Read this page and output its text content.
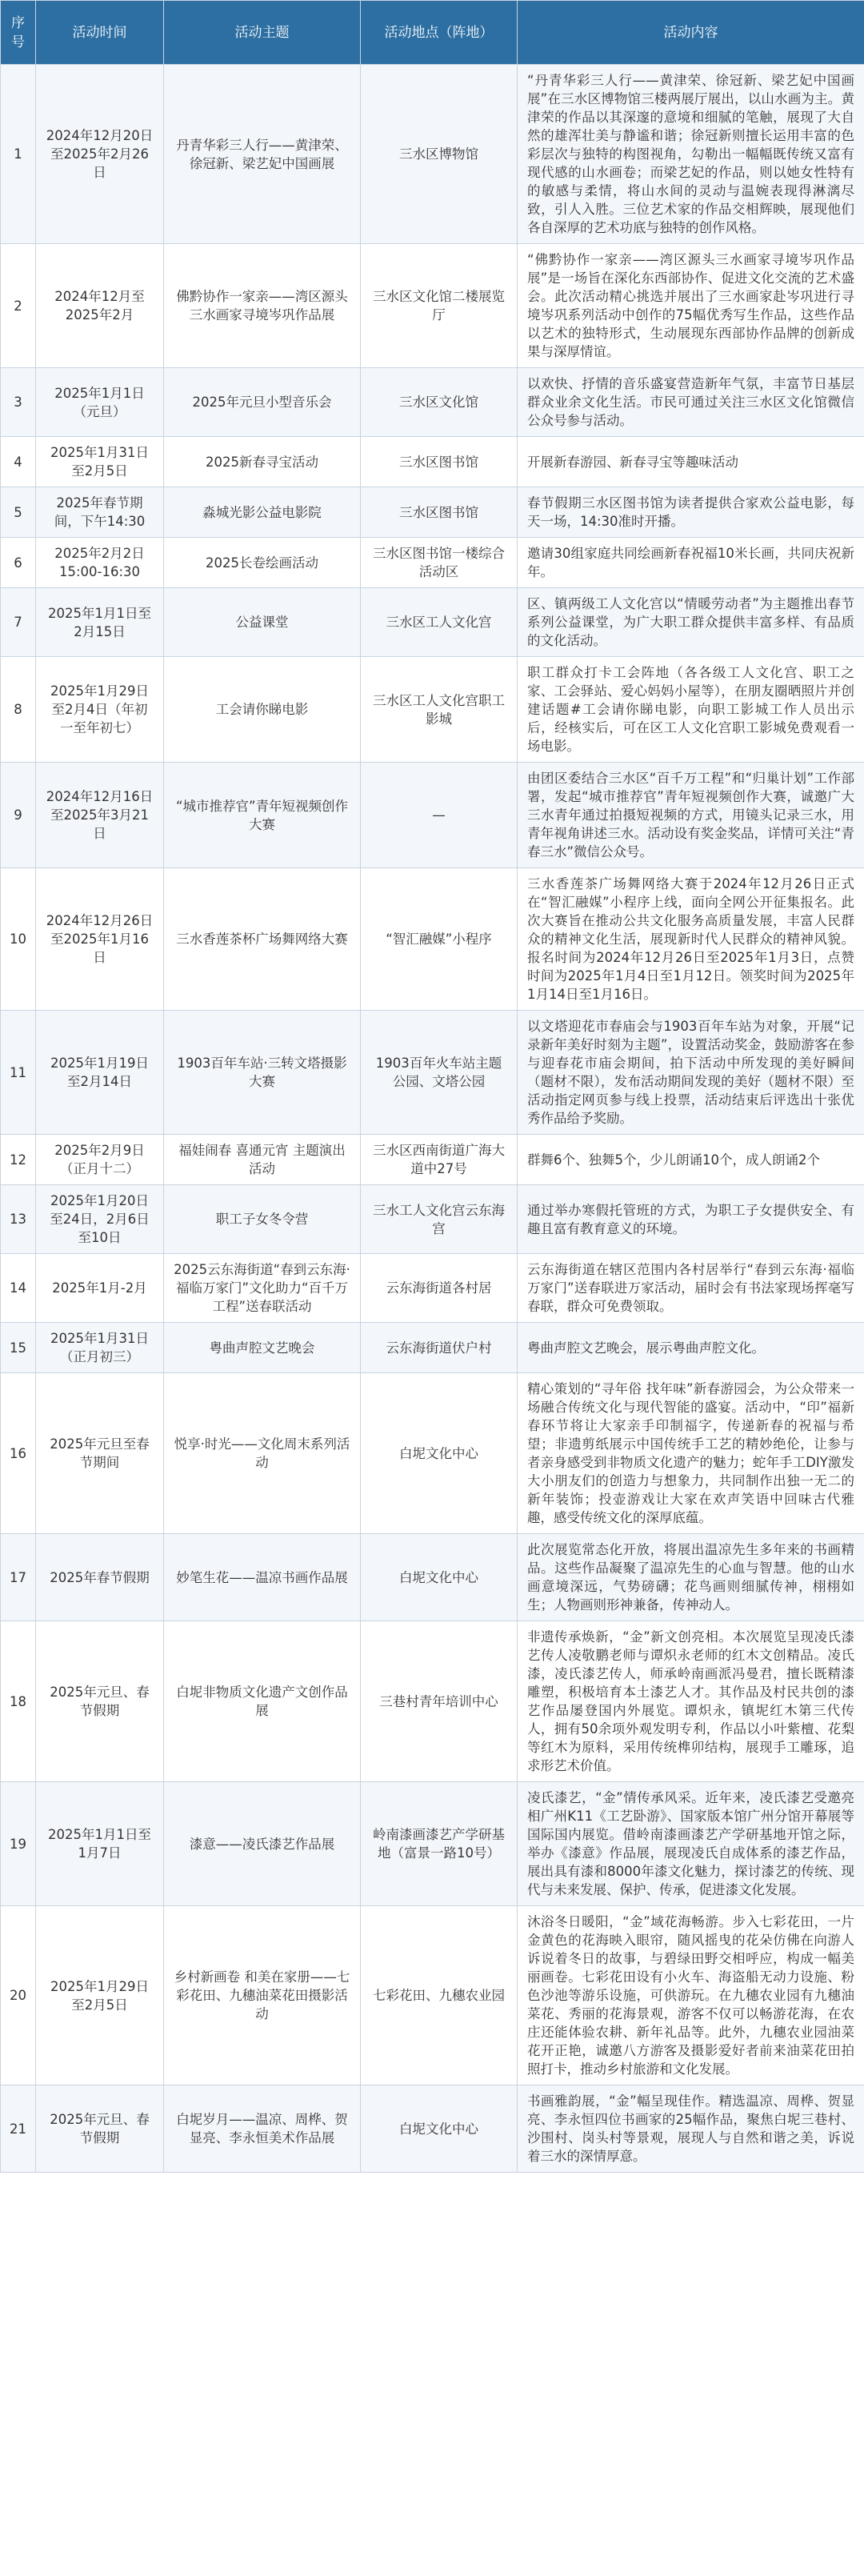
序号	活动时间	活动主题	活动地点（阵地）	活动内容
1	2024年12月20日至2025年2月26日	丹青华彩三人行——黄津荣、徐冠新、梁艺妃中国画展	三水区博物馆	“丹青华彩三人行——黄津荣、徐冠新、梁艺妃中国画展”在三水区博物馆三楼两展厅展出，以山水画为主。黄津荣的作品以其深邃的意境和细腻的笔触，展现了大自然的雄浑壮美与静谧和谐；徐冠新则擅长运用丰富的色彩层次与独特的构图视角，勾勒出一幅幅既传统又富有现代感的山水画卷；而梁艺妃的作品，则以她女性特有的敏感与柔情，将山水间的灵动与温婉表现得淋漓尽致，引人入胜。三位艺术家的作品交相辉映，展现他们各自深厚的艺术功底与独特的创作风格。
2	2024年12月至2025年2月	佛黔协作一家亲——湾区源头三水画家寻境岑巩作品展	三水区文化馆二楼展览厅	“佛黔协作一家亲——湾区源头三水画家寻境岑巩作品展”是一场旨在深化东西部协作、促进文化交流的艺术盛会。此次活动精心挑选并展出了三水画家赴岑巩进行寻境岑巩系列活动中创作的75幅优秀写生作品，这些作品以艺术的独特形式，生动展现东西部协作品牌的创新成果与深厚情谊。
3	2025年1月1日（元旦）	2025年元旦小型音乐会	三水区文化馆	以欢快、抒情的音乐盛宴营造新年气氛，丰富节日基层群众业余文化生活。市民可通过关注三水区文化馆微信公众号参与活动。
4	2025年1月31日至2月5日	2025新春寻宝活动	三水区图书馆	开展新春游园、新春寻宝等趣味活动
5	2025年春节期间，下午14:30	淼城光影公益电影院	三水区图书馆	春节假期三水区图书馆为读者提供合家欢公益电影，每天一场，14:30准时开播。
6	2025年2月2日15:00-16:30	2025长卷绘画活动	三水区图书馆一楼综合活动区	邀请30组家庭共同绘画新春祝福10米长画，共同庆祝新年。
7	2025年1月1日至2月15日	公益课堂	三水区工人文化宫	区、镇两级工人文化宫以“情暖劳动者”为主题推出春节系列公益课堂，为广大职工群众提供丰富多样、有品质的文化活动。
8	2025年1月29日至2月4日（年初一至年初七）	工会请你睇电影	三水区工人文化宫职工影城	职工群众打卡工会阵地（各各级工人文化宫、职工之家、工会驿站、爱心妈妈小屋等），在朋友圈晒照片并创建话题#工会请你睇电影，向职工影城工作人员出示后，经核实后，可在区工人文化宫职工影城免费观看一场电影。
9	2024年12月16日至2025年3月21日	“城市推荐官”青年短视频创作大赛	—	由团区委结合三水区“百千万工程”和“归巢计划”工作部署，发起“城市推荐官”青年短视频创作大赛，诚邀广大三水青年通过拍摄短视频的方式，用镜头记录三水，用青年视角讲述三水。活动设有奖金奖品，详情可关注“青春三水”微信公众号。
10	2024年12月26日至2025年1月16日	三水香莲茶杯广场舞网络大赛	“智汇融媒”小程序	三水香莲茶广场舞网络大赛于2024年12月26日正式在“智汇融媒”小程序上线，面向全网公开征集报名。此次大赛旨在推动公共文化服务高质量发展，丰富人民群众的精神文化生活，展现新时代人民群众的精神风貌。报名时间为2024年12月26日至2025年1月3日，点赞时间为2025年1月4日至1月12日。领奖时间为2025年1月14日至1月16日。
11	2025年1月19日至2月14日	1903百年车站·三转文塔摄影大赛	1903百年火车站主题公园、文塔公园	以文塔迎花市春庙会与1903百年车站为对象，开展“记录新年美好时刻为主题”，设置活动奖金，鼓励游客在参与迎春花市庙会期间，拍下活动中所发现的美好瞬间（题材不限），发布活动期间发现的美好（题材不限）至活动指定网页参与线上投票，活动结束后评选出十张优秀作品给予奖励。
12	2025年2月9日（正月十二）	福娃闹春 喜通元宵 主题演出活动	三水区西南街道广海大道中27号	群舞6个、独舞5个，少儿朗诵10个，成人朗诵2个
13	2025年1月20日至24日，2月6日至10日	职工子女冬令营	三水工人文化宫云东海宫	通过举办寒假托管班的方式，为职工子女提供安全、有趣且富有教育意义的环境。
14	2025年1月-2月	2025云东海街道“春到云东海·福临万家门”文化助力“百千万工程”送春联活动	云东海街道各村居	云东海街道在辖区范围内各村居举行“春到云东海·福临万家门”送春联进万家活动，届时会有书法家现场挥毫写春联，群众可免费领取。
15	2025年1月31日（正月初三）	粤曲声腔文艺晚会	云东海街道伏户村	粤曲声腔文艺晚会，展示粤曲声腔文化。
16	2025年元旦至春节期间	悦享·时光——文化周末系列活动	白坭文化中心	精心策划的“寻年俗 找年味”新春游园会，为公众带来一场融合传统文化与现代智能的盛宴。活动中，“印”福新春环节将让大家亲手印制福字，传递新春的祝福与希望；非遗剪纸展示中国传统手工艺的精妙绝伦，让参与者亲身感受到非物质文化遗产的魅力；蛇年手工DIY激发大小朋友们的创造力与想象力，共同制作出独一无二的新年装饰；投壶游戏让大家在欢声笑语中回味古代雅趣，感受传统文化的深厚底蕴。
17	2025年春节假期	妙笔生花——温凉书画作品展	白坭文化中心	此次展览常态化开放，将展出温凉先生多年来的书画精品。这些作品凝聚了温凉先生的心血与智慧。他的山水画意境深远，气势磅礴；花鸟画则细腻传神，栩栩如生；人物画则形神兼备，传神动人。
18	2025年元旦、春节假期	白坭非物质文化遗产文创作品展	三巷村青年培训中心	非遗传承焕新，“金”新文创亮相。本次展览呈现凌氏漆艺传人凌敬鹏老师与谭炽永老师的红木文创精品。凌氏漆，凌氏漆艺传人，师承岭南画派冯曼君，擅长既精漆雕塑，积极培育本土漆艺人才。其作品及村民共创的漆艺作品屡登国内外展览。谭炽永，镇坭红木第三代传人，拥有50余项外观发明专利，作品以小叶紫檀、花梨等红木为原料，采用传统榫卯结构，展现手工雕琢，追求形艺术价值。
19	2025年1月1日至1月7日	漆意——凌氏漆艺作品展	岭南漆画漆艺产学研基地（富景一路10号）	凌氏漆艺，“金”情传承风采。近年来，凌氏漆艺受邀亮相广州K11《工艺卧游》、国家版本馆广州分馆开幕展等国际国内展览。借岭南漆画漆艺产学研基地开馆之际，举办《漆意》作品展，展现凌氏自成体系的漆艺作品，展出具有漆和8000年漆文化魅力，探讨漆艺的传统、现代与未来发展、保护、传承，促进漆文化发展。
20	2025年1月29日至2月5日	乡村新画卷 和美在家册——七彩花田、九穗油菜花田摄影活动	七彩花田、九穗农业园	沐浴冬日暖阳，“金”域花海畅游。步入七彩花田，一片金黄色的花海映入眼帘，随风摇曳的花朵仿佛在向游人诉说着冬日的故事，与碧绿田野交相呼应，构成一幅美丽画卷。七彩花田设有小火车、海盗船无动力设施、粉色沙池等游乐设施，可供游玩。在九穗农业园有九穗油菜花、秀丽的花海景观，游客不仅可以畅游花海，在农庄还能体验农耕、新年礼品等。此外，九穗农业园油菜花开正艳，诚邀八方游客及摄影爱好者前来油菜花田拍照打卡，推动乡村旅游和文化发展。
21	2025年元旦、春节假期	白坭岁月——温凉、周桦、贺显亮、李永恒美术作品展	白坭文化中心	书画雅韵展，“金”幅呈现佳作。精选温凉、周桦、贺显亮、李永恒四位书画家的25幅作品，聚焦白坭三巷村、沙围村、岗头村等景观，展现人与自然和谐之美，诉说着三水的深情厚意。
